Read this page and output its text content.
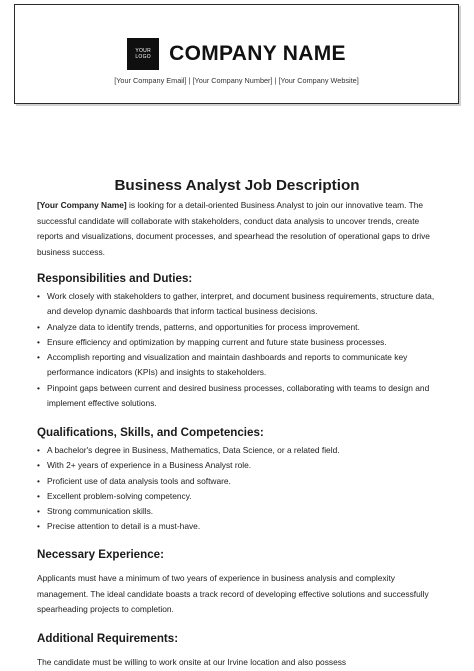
YOUR
LOGO COMPANY NAME
[Your Company Email] | [Your Company Number] | [Your Company Website]
Business Analyst Job Description
[Your Company Name] is looking for a detail-oriented Business Analyst to join our innovative team. The successful candidate will collaborate with stakeholders, conduct data analysis to uncover trends, create reports and visualizations, document processes, and spearhead the resolution of operational gaps to drive business success.
Responsibilities and Duties:
• Work closely with stakeholders to gather, interpret, and document business requirements, structure data, and develop dynamic dashboards that inform tactical business decisions.
• Analyze data to identify trends, patterns, and opportunities for process improvement.
• Ensure efficiency and optimization by mapping current and future state business processes.
• Accomplish reporting and visualization and maintain dashboards and reports to communicate key performance indicators (KPIs) and insights to stakeholders.
• Pinpoint gaps between current and desired business processes, collaborating with teams to design and implement effective solutions.
Qualifications, Skills, and Competencies:
• A bachelor's degree in Business, Mathematics, Data Science, or a related field.
• With 2+ years of experience in a Business Analyst role.
• Proficient use of data analysis tools and software.
• Excellent problem-solving competency.
• Strong communication skills.
• Precise attention to detail is a must-have.
Necessary Experience:
Applicants must have a minimum of two years of experience in business analysis and complexity management. The ideal candidate boasts a track record of developing effective solutions and successfully spearheading projects to completion.
Additional Requirements:
The candidate must be willing to work onsite at our Irvine location and also possess
